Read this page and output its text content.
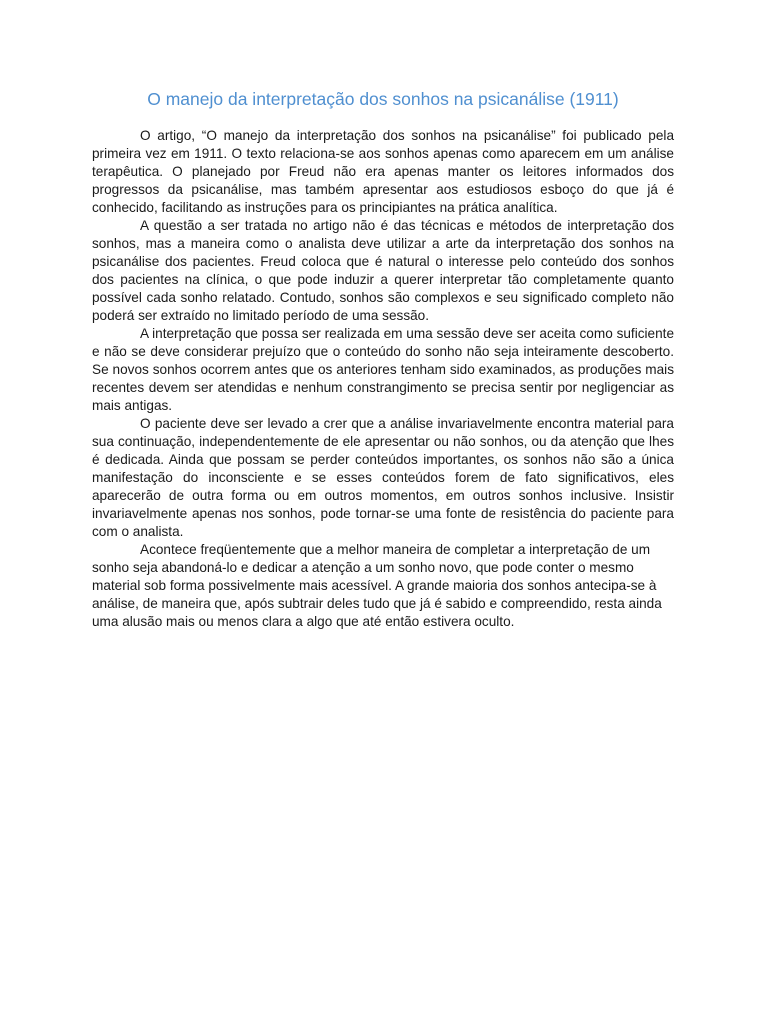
O manejo da interpretação dos sonhos na psicanálise (1911)

O artigo, “O manejo da interpretação dos sonhos na psicanálise” foi publicado pela primeira vez em 1911. O texto relaciona-se aos sonhos apenas como aparecem em um análise terapêutica. O planejado por Freud não era apenas manter os leitores informados dos progressos da psicanálise, mas também apresentar aos estudiosos esboço do que já é conhecido, facilitando as instruções para os principiantes na prática analítica.

A questão a ser tratada no artigo não é das técnicas e métodos de interpretação dos sonhos, mas a maneira como o analista deve utilizar a arte da interpretação dos sonhos na psicanálise dos pacientes. Freud coloca que é natural o interesse pelo conteúdo dos sonhos dos pacientes na clínica, o que pode induzir a querer interpretar tão completamente quanto possível cada sonho relatado. Contudo, sonhos são complexos e seu significado completo não poderá ser extraído no limitado período de uma sessão.

A interpretação que possa ser realizada em uma sessão deve ser aceita como suficiente e não se deve considerar prejuízo que o conteúdo do sonho não seja inteiramente descoberto. Se novos sonhos ocorrem antes que os anteriores tenham sido examinados, as produções mais recentes devem ser atendidas e nenhum constrangimento se precisa sentir por negligenciar as mais antigas.

O paciente deve ser levado a crer que a análise invariavelmente encontra material para sua continuação, independentemente de ele apresentar ou não sonhos, ou da atenção que lhes é dedicada. Ainda que possam se perder conteúdos importantes, os sonhos não são a única manifestação do inconsciente e se esses conteúdos forem de fato significativos, eles aparecerão de outra forma ou em outros momentos, em outros sonhos inclusive. Insistir invariavelmente apenas nos sonhos, pode tornar-se uma fonte de resistência do paciente para com o analista.

Acontece freqüentemente que a melhor maneira de completar a interpretação de um sonho seja abandoná-lo e dedicar a atenção a um sonho novo, que pode conter o mesmo material sob forma possivelmente mais acessível. A grande maioria dos sonhos antecipa-se à análise, de maneira que, após subtrair deles tudo que já é sabido e compreendido, resta ainda uma alusão mais ou menos clara a algo que até então estivera oculto.
